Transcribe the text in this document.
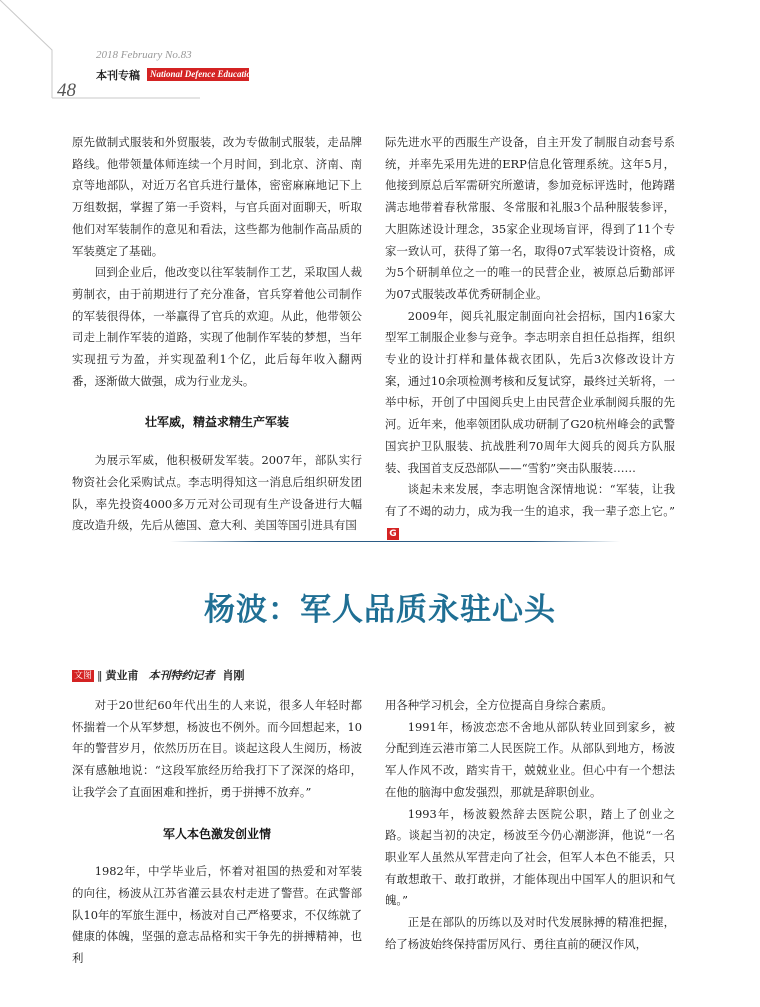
2018 February No.83
本刊专稿	National Defence Education
48

原先做制式服装和外贸服装，改为专做制式服装，走品牌路线。他带领量体师连续一个月时间，到北京、济南、南京等地部队，对近万名官兵进行量体，密密麻麻地记下上万组数据，掌握了第一手资料，与官兵面对面聊天，听取他们对军装制作的意见和看法，这些都为他制作高品质的军装奠定了基础。

回到企业后，他改变以往军装制作工艺，采取国人裁剪制衣，由于前期进行了充分准备，官兵穿着他公司制作的军装很得体，一举赢得了官兵的欢迎。从此，他带领公司走上制作军装的道路，实现了他制作军装的梦想，当年实现扭亏为盈，并实现盈利1个亿，此后每年收入翻两番，逐渐做大做强，成为行业龙头。

壮军威，精益求精生产军装

为展示军威，他积极研发军装。2007年，部队实行物资社会化采购试点。李志明得知这一消息后组织研发团队，率先投资4000多万元对公司现有生产设备进行大幅度改造升级，先后从德国、意大利、美国等国引进具有国

际先进水平的西服生产设备，自主开发了制服自动套号系统，并率先采用先进的ERP信息化管理系统。这年5月，他接到原总后军需研究所邀请，参加竞标评选时，他踌躇满志地带着春秋常服、冬常服和礼服3个品种服装参评，大胆陈述设计理念，35家企业现场盲评，得到了11个专家一致认可，获得了第一名，取得07式军装设计资格，成为5个研制单位之一的唯一的民营企业，被原总后勤部评为07式服装改革优秀研制企业。

2009年，阅兵礼服定制面向社会招标，国内16家大型军工制服企业参与竞争。李志明亲自担任总指挥，组织专业的设计打样和量体裁衣团队，先后3次修改设计方案，通过10余项检测考核和反复试穿，最终过关斩将，一举中标，开创了中国阅兵史上由民营企业承制阅兵服的先河。近年来，他率领团队成功研制了G20杭州峰会的武警国宾护卫队服装、抗战胜利70周年大阅兵的阅兵方队服装、我国首支反恐部队——“雪豹”突击队服装……

谈起未来发展，李志明饱含深情地说：“军装，让我有了不竭的动力，成为我一生的追求，我一辈子恋上它。”G

杨波：军人品质永驻心头
文图 ‖ 黄业甫 本刊特约记者 肖刚

对于20世纪60年代出生的人来说，很多人年轻时都怀揣着一个从军梦想，杨波也不例外。而今回想起来，10年的警营岁月，依然历历在目。谈起这段人生阅历，杨波深有感触地说：“这段军旅经历给我打下了深深的烙印，让我学会了直面困难和挫折，勇于拼搏不放弃。”

军人本色激发创业情

1982年，中学毕业后，怀着对祖国的热爱和对军装的向往，杨波从江苏省灌云县农村走进了警营。在武警部队10年的军旅生涯中，杨波对自己严格要求，不仅练就了健康的体魄，坚强的意志品格和实干争先的拼搏精神，也利

用各种学习机会，全方位提高自身综合素质。

1991年，杨波恋恋不舍地从部队转业回到家乡，被分配到连云港市第二人民医院工作。从部队到地方，杨波军人作风不改，踏实肯干，兢兢业业。但心中有一个想法在他的脑海中愈发强烈，那就是辞职创业。

1993年，杨波毅然辞去医院公职，踏上了创业之路。谈起当初的决定，杨波至今仍心潮澎湃，他说“一名职业军人虽然从军营走向了社会，但军人本色不能丢，只有敢想敢干、敢打敢拼，才能体现出中国军人的胆识和气魄。”

正是在部队的历练以及对时代发展脉搏的精准把握，给了杨波始终保持雷厉风行、勇往直前的硬汉作风，
